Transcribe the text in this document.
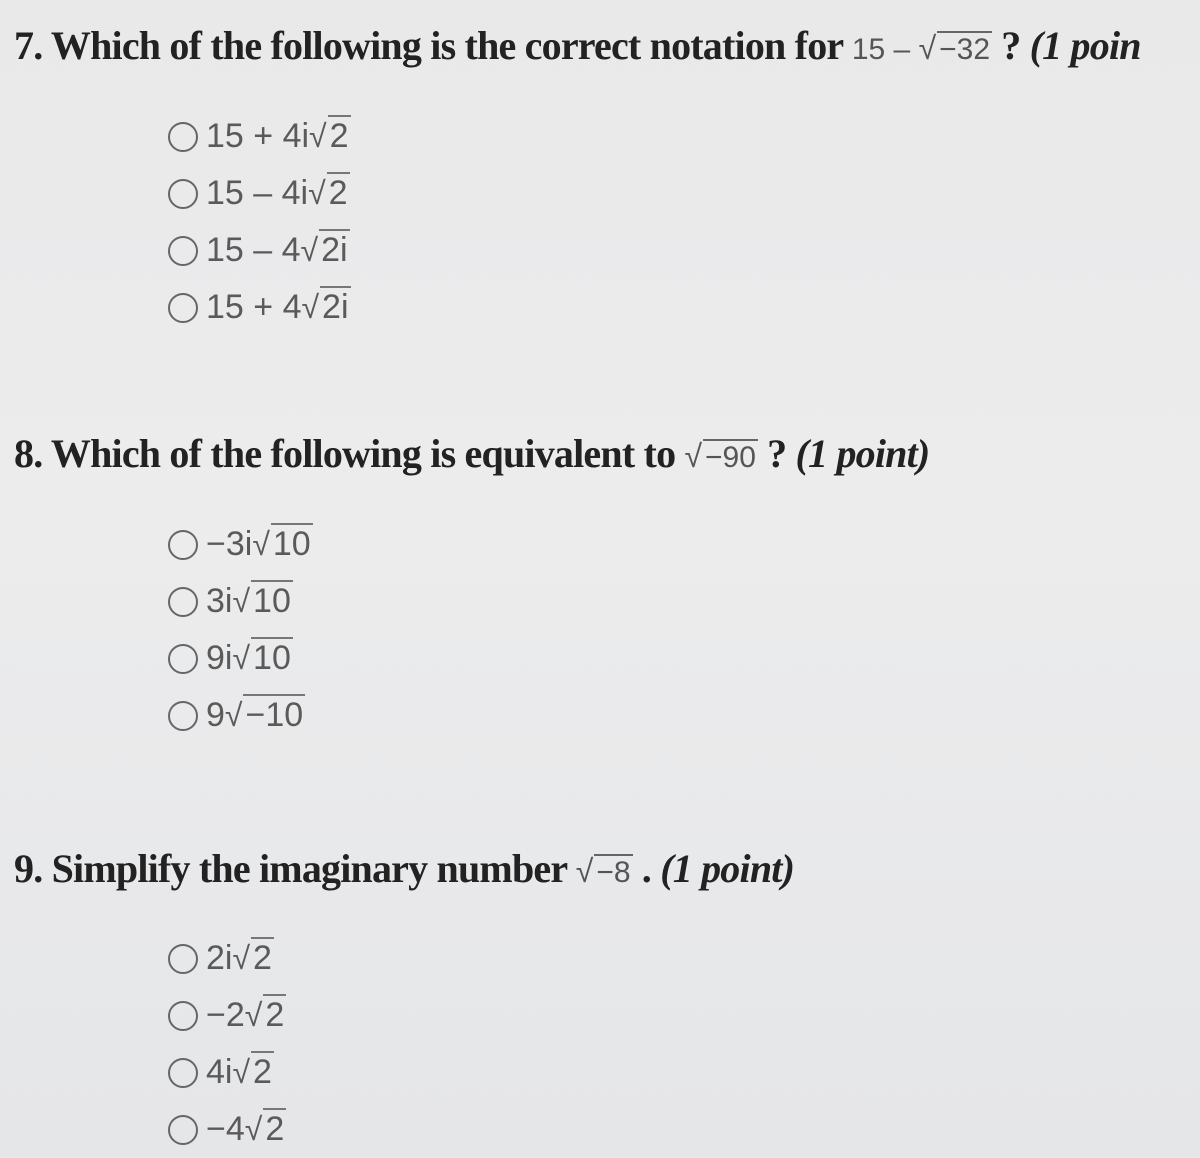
7. Which of the following is the correct notation for 15 – √ −32 ? (1 poin
15 + 4i√2
15 – 4i√2
15 – 4√2i
15 + 4√2i
8. Which of the following is equivalent to √ −90 ? (1 point)
−3i√10
3i√10
9i√10
9√−10
9. Simplify the imaginary number √ −8 . (1 point)
2i√2
−2√2
4i√2
−4√2
